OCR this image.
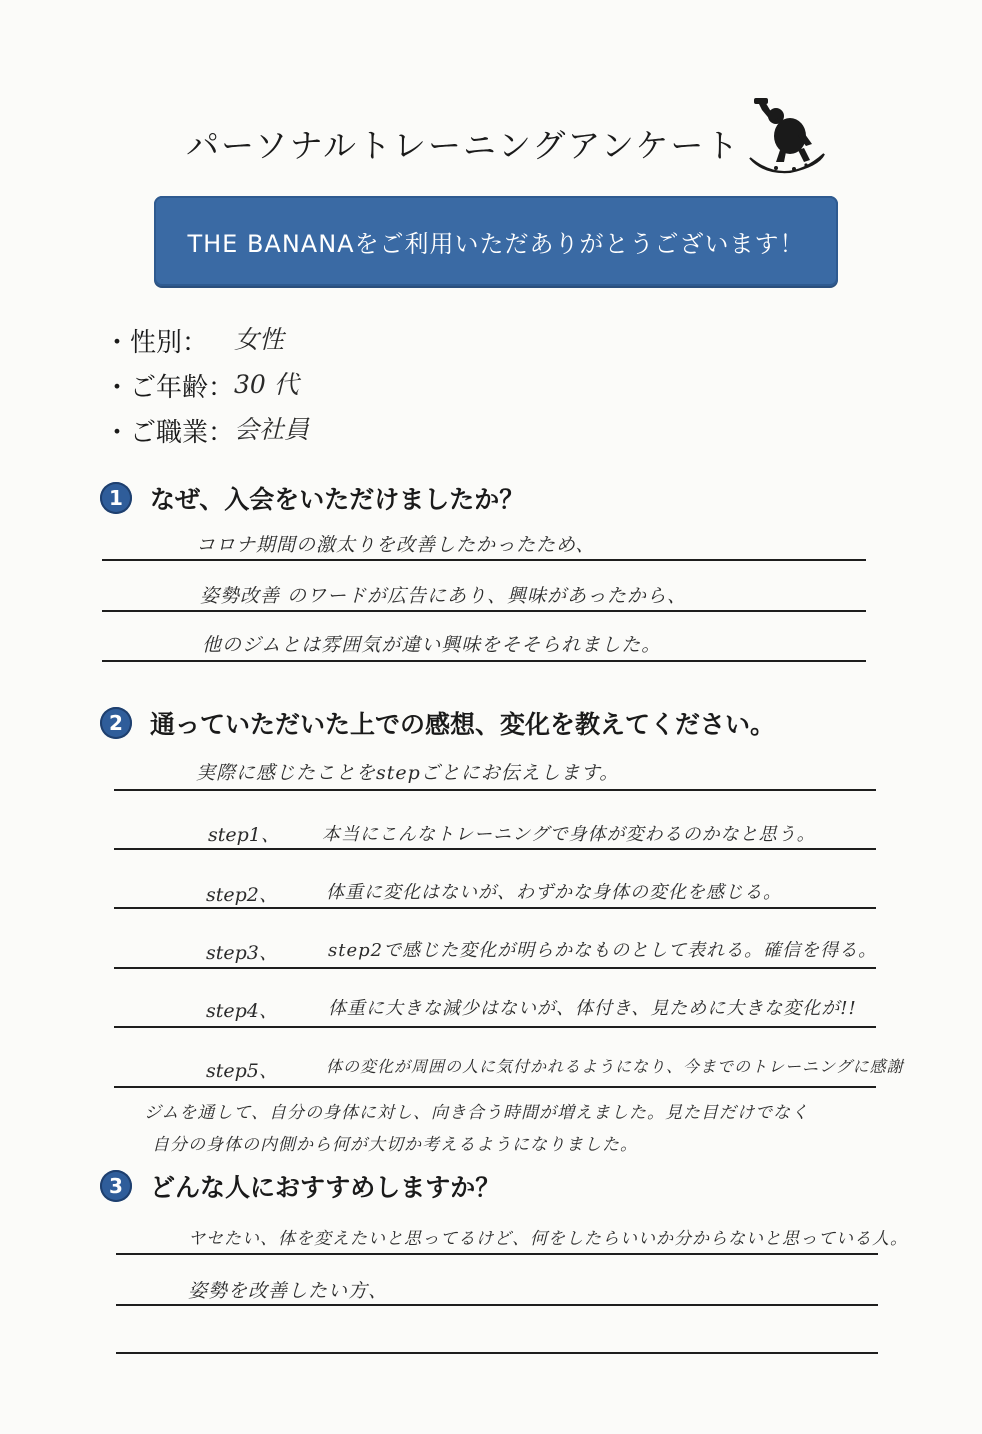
パーソナルトレーニングアンケート
THE BANANAをご利用いただありがとうございます！
・性別： 女性
・ご年齢： 30 代
・ご職業： 会社員
1	なぜ、入会をいただけましたか？
コロナ期間の激太りを改善したかったため、
姿勢改善 のワードが広告にあり、興味があったから、
他のジムとは雰囲気が違い興味をそそられました。
2	通っていただいた上での感想、変化を教えてください。
実際に感じたことをstepごとにお伝えします。
step1、 本当にこんなトレーニングで身体が変わるのかなと思う。
step2、	体重に変化はないが、わずかな身体の変化を感じる。
step3、	step2で感じた変化が明らかなものとして表れる。確信を得る。
step4、	体重に大きな減少はないが、体付き、見ために大きな変化が!!
step5、	体の変化が周囲の人に気付かれるようになり、今までのトレーニングに感謝
ジムを通して、自分の身体に対し、向き合う時間が増えました。見た目だけでなく
自分の身体の内側から何が大切か考えるようになりました。
3	どんな人におすすめしますか？
ヤセたい、体を変えたいと思ってるけど、何をしたらいいか分からないと思っている人。
姿勢を改善したい方、
